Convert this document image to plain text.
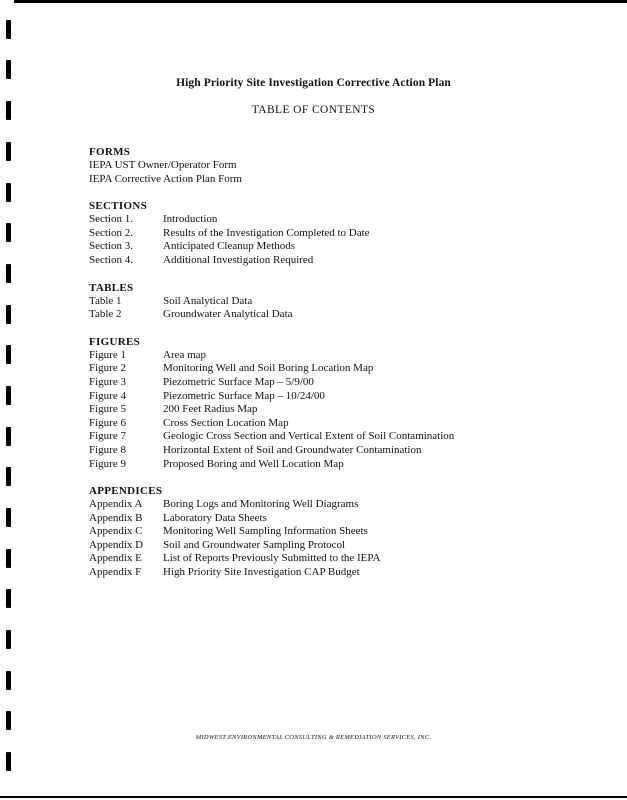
High Priority Site Investigation Corrective Action Plan
TABLE OF CONTENTS
FORMS
IEPA UST Owner/Operator Form
IEPA Corrective Action Plan Form
SECTIONS
Section 1.	Introduction
Section 2.	Results of the Investigation Completed to Date
Section 3.	Anticipated Cleanup Methods
Section 4.	Additional Investigation Required
TABLES
Table 1	Soil Analytical Data
Table 2	Groundwater Analytical Data
FIGURES
Figure 1	Area map
Figure 2	Monitoring Well and Soil Boring Location Map
Figure 3	Piezometric Surface Map – 5/9/00
Figure 4	Piezometric Surface Map – 10/24/00
Figure 5	200 Feet Radius Map
Figure 6	Cross Section Location Map
Figure 7	Geologic Cross Section and Vertical Extent of Soil Contamination
Figure 8	Horizontal Extent of Soil and Groundwater Contamination
Figure 9	Proposed Boring and Well Location Map
APPENDICES
Appendix A	Boring Logs and Monitoring Well Diagrams
Appendix B	Laboratory Data Sheets
Appendix C	Monitoring Well Sampling Information Sheets
Appendix D	Soil and Groundwater Sampling Protocol
Appendix E	List of Reports Previously Submitted to the IEPA
Appendix F	High Priority Site Investigation CAP Budget
MIDWEST ENVIRONMENTAL CONSULTING & REMEDIATION SERVICES, INC.
